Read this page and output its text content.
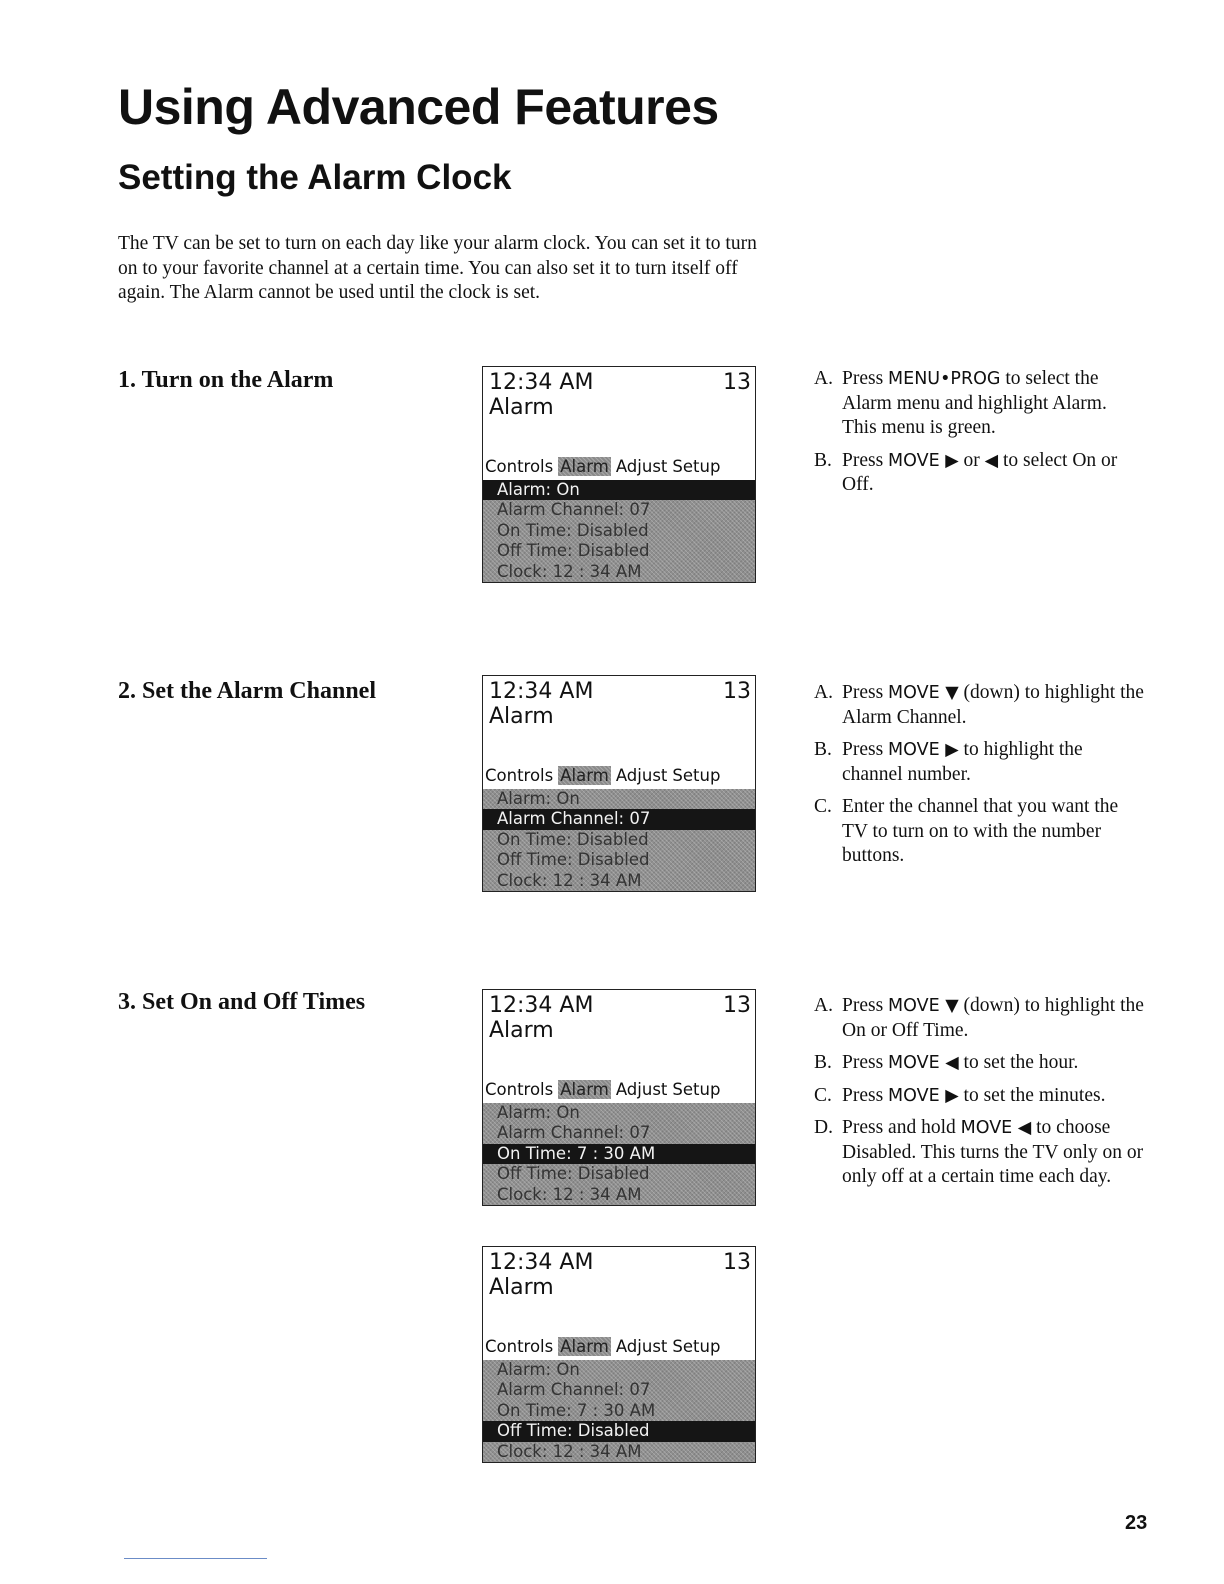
Using Advanced Features
Setting the Alarm Clock

The TV can be set to turn on each day like your alarm clock. You can set it to turn on to your favorite channel at a certain time. You can also set it to turn itself off again. The Alarm cannot be used until the clock is set.

1. Turn on the Alarm
2. Set the Alarm Channel
3. Set On and Off Times
A. Press MENU•PROG to select the Alarm menu and highlight Alarm. This menu is green.
B. Press MOVE ▶ or ◀ to select On or Off.
A. Press MOVE ▼ (down) to highlight the Alarm Channel.
B. Press MOVE ▶ to highlight the channel number.
C. Enter the channel that you want the TV to turn on to with the number buttons.
A. Press MOVE ▼ (down) to highlight the On or Off Time.
B. Press MOVE ◀ to set the hour.
C. Press MOVE ▶ to set the minutes.
D. Press and hold MOVE ◀ to choose Disabled. This turns the TV only on or only off at a certain time each day.
12:34 AM	13
Alarm
Controls Alarm Adjust Setup
Alarm: On
Alarm Channel: 07
On Time: Disabled
Off Time: Disabled
Clock: 12 : 34 AM
12:34 AM	13
Alarm
Controls Alarm Adjust Setup
Alarm: On
Alarm Channel: 07
On Time: Disabled
Off Time: Disabled
Clock: 12 : 34 AM
12:34 AM	13
Alarm
Controls Alarm Adjust Setup
Alarm: On
Alarm Channel: 07
On Time: 7 : 30 AM
Off Time: Disabled
Clock: 12 : 34 AM
12:34 AM	13
Alarm
Controls Alarm Adjust Setup
Alarm: On
Alarm Channel: 07
On Time: 7 : 30 AM
Off Time: Disabled
Clock: 12 : 34 AM
23
